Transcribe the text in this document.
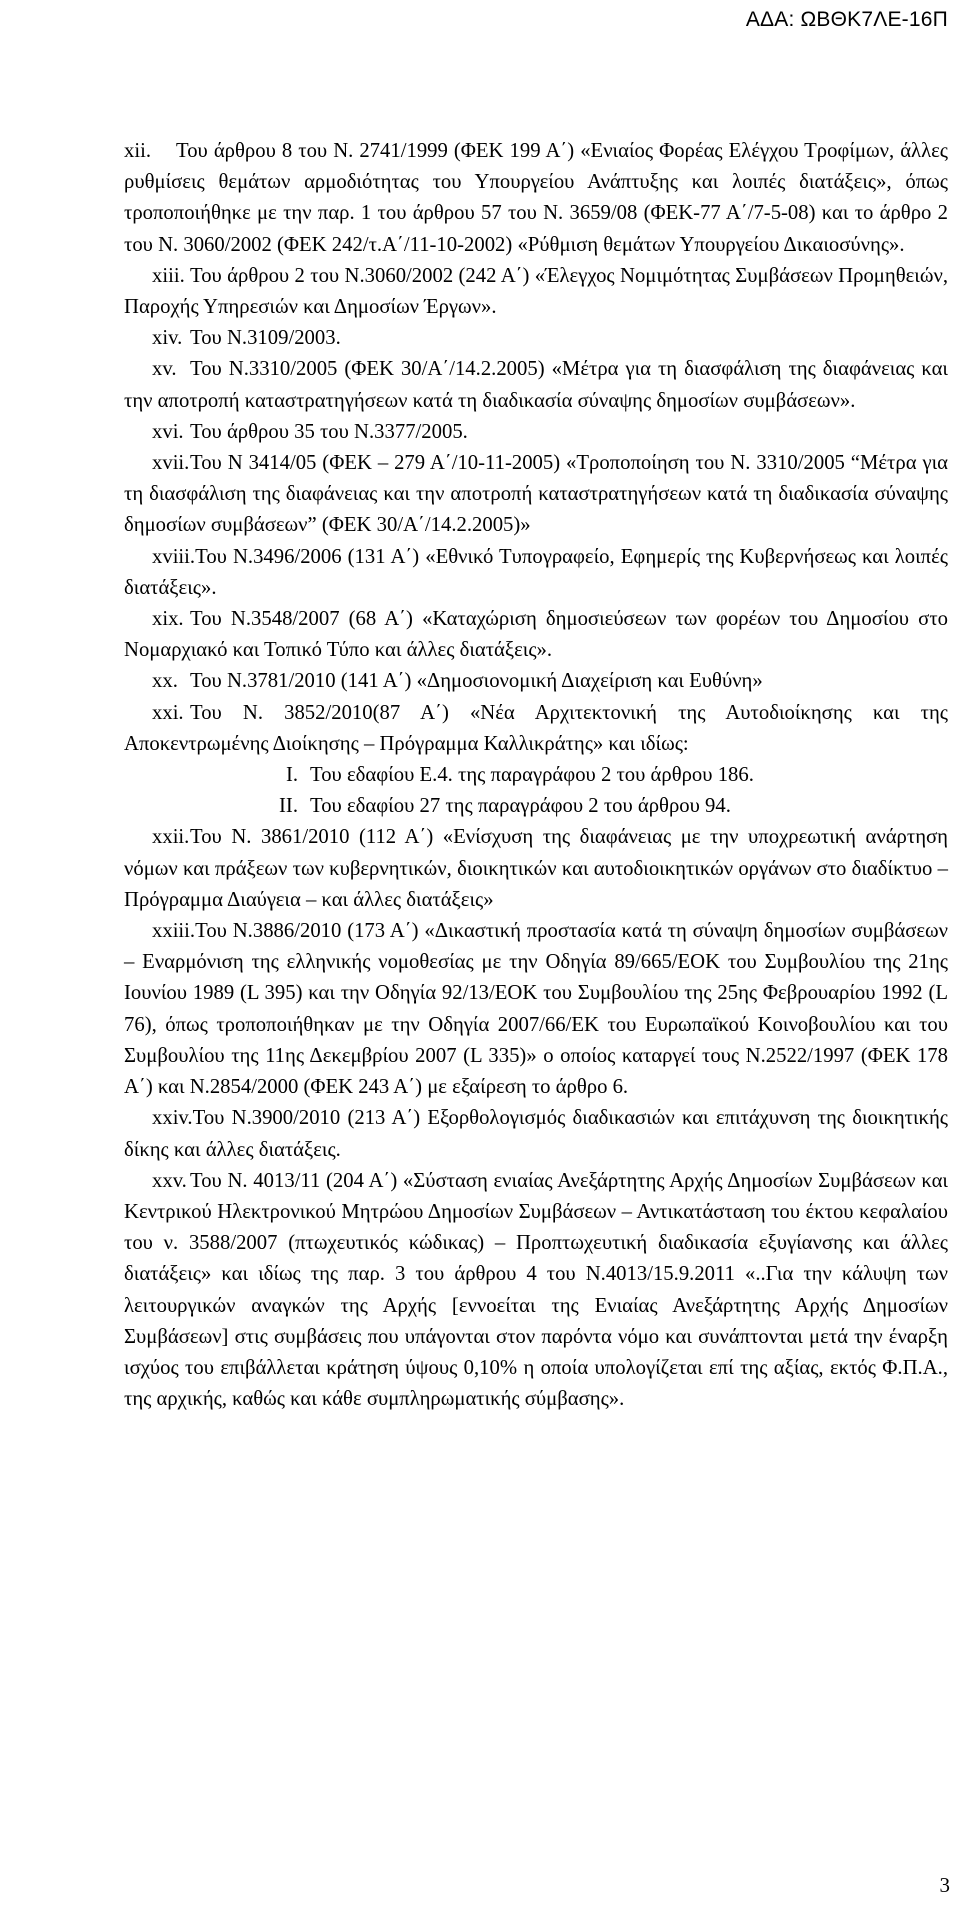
ΑΔΑ: ΩΒΘΚ7ΛΕ-16Π

xii. Του άρθρου 8 του Ν. 2741/1999 (ΦΕΚ 199 Α΄) «Ενιαίος Φορέας Ελέγχου Τροφίμων, άλλες ρυθμίσεις θεμάτων αρμοδιότητας του Υπουργείου Ανάπτυξης και λοιπές διατάξεις», όπως τροποποιήθηκε με την παρ. 1 του άρθρου 57 του Ν. 3659/08 (ΦΕΚ-77 Α΄/7-5-08) και το άρθρο 2 του Ν. 3060/2002 (ΦΕΚ 242/τ.Α΄/11-10-2002) «Ρύθμιση θεμάτων Υπουργείου Δικαιοσύνης».

xiii. Του άρθρου 2 του Ν.3060/2002 (242 Α΄) «Έλεγχος Νομιμότητας Συμβάσεων Προμηθειών, Παροχής Υπηρεσιών και Δημοσίων Έργων».

xiv. Του Ν.3109/2003.

xv. Του Ν.3310/2005 (ΦΕΚ 30/Α΄/14.2.2005) «Μέτρα για τη διασφάλιση της διαφάνειας και την αποτροπή καταστρατηγήσεων κατά τη διαδικασία σύναψης δημοσίων συμβάσεων».

xvi. Του άρθρου 35 του Ν.3377/2005.

xvii.Του Ν 3414/05 (ΦΕΚ – 279 Α΄/10-11-2005) «Τροποποίηση του Ν. 3310/2005 “Μέτρα για τη διασφάλιση της διαφάνειας και την αποτροπή καταστρατηγήσεων κατά τη διαδικασία σύναψης δημοσίων συμβάσεων” (ΦΕΚ 30/Α΄/14.2.2005)»

xviii.Του Ν.3496/2006 (131 Α΄) «Εθνικό Τυπογραφείο, Εφημερίς της Κυβερνήσεως και λοιπές διατάξεις».

xix. Του Ν.3548/2007 (68 Α΄) «Καταχώριση δημοσιεύσεων των φορέων του Δημοσίου στο Νομαρχιακό και Τοπικό Τύπο και άλλες διατάξεις».

xx. Του Ν.3781/2010 (141 Α΄) «Δημοσιονομική Διαχείριση και Ευθύνη»

xxi. Του Ν. 3852/2010(87 Α΄) «Νέα Αρχιτεκτονική της Αυτοδιοίκησης και της Αποκεντρωμένης Διοίκησης – Πρόγραμμα Καλλικράτης» και ιδίως:

I. Του εδαφίου Ε.4. της παραγράφου 2 του άρθρου 186.

II. Του εδαφίου 27 της παραγράφου 2 του άρθρου 94.

xxii.Του Ν. 3861/2010 (112 Α΄) «Ενίσχυση της διαφάνειας με την υποχρεωτική ανάρτηση νόμων και πράξεων των κυβερνητικών, διοικητικών και αυτοδιοικητικών οργάνων στο διαδίκτυο – Πρόγραμμα Διαύγεια – και άλλες διατάξεις»

xxiii.Του Ν.3886/2010 (173 Α΄) «Δικαστική προστασία κατά τη σύναψη δημοσίων συμβάσεων – Εναρμόνιση της ελληνικής νομοθεσίας με την Οδηγία 89/665/ΕΟΚ του Συμβουλίου της 21ης Ιουνίου 1989 (L 395) και την Οδηγία 92/13/ΕΟΚ του Συμβουλίου της 25ης Φεβρουαρίου 1992 (L 76), όπως τροποποιήθηκαν με την Οδηγία 2007/66/ΕΚ του Ευρωπαϊκού Κοινοβουλίου και του Συμβουλίου της 11ης Δεκεμβρίου 2007 (L 335)» ο οποίος καταργεί τους Ν.2522/1997 (ΦΕΚ 178 Α΄) και Ν.2854/2000 (ΦΕΚ 243 Α΄) με εξαίρεση το άρθρο 6.

xxiv.Του Ν.3900/2010 (213 Α΄) Εξορθολογισμός διαδικασιών και επιτάχυνση της διοικητικής δίκης και άλλες διατάξεις.

xxv. Του Ν. 4013/11 (204 Α΄) «Σύσταση ενιαίας Ανεξάρτητης Αρχής Δημοσίων Συμβάσεων και Κεντρικού Ηλεκτρονικού Μητρώου Δημοσίων Συμβάσεων – Αντικατάσταση του έκτου κεφαλαίου του ν. 3588/2007 (πτωχευτικός κώδικας) – Προπτωχευτική διαδικασία εξυγίανσης και άλλες διατάξεις» και ιδίως της παρ. 3 του άρθρου 4 του Ν.4013/15.9.2011 «..Για την κάλυψη των λειτουργικών αναγκών της Αρχής [εννοείται της Ενιαίας Ανεξάρτητης Αρχής Δημοσίων Συμβάσεων] στις συμβάσεις που υπάγονται στον παρόντα νόμο και συνάπτονται μετά την έναρξη ισχύος του επιβάλλεται κράτηση ύψους 0,10% η οποία υπολογίζεται επί της αξίας, εκτός Φ.Π.Α., της αρχικής, καθώς και κάθε συμπληρωματικής σύμβασης».

3
